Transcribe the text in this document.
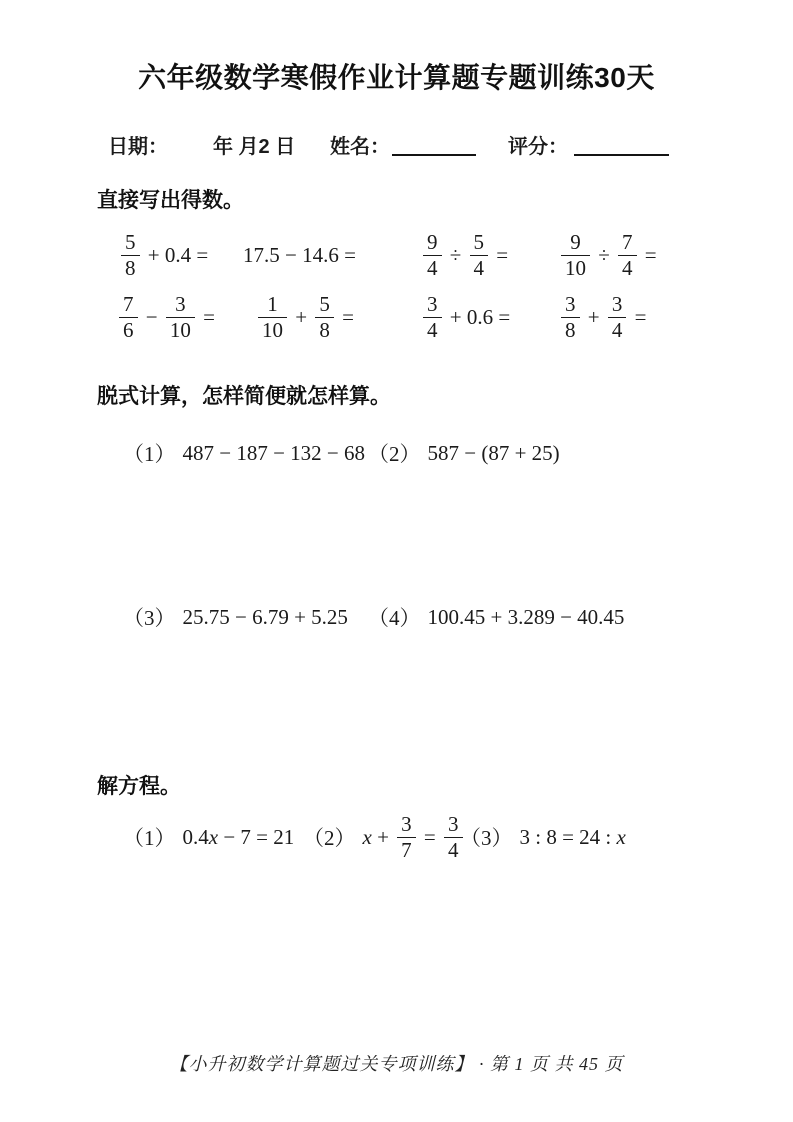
六年级数学寒假作业计算题专题训练30天
日期： 年 月2 日 姓名：	评分：
直接写出得数。
$\frac{5}{8} + 0.4 = 17.5 - 14.6$ =	$\frac{9}{4} \div \frac{5}{4}$ =	$\frac{9}{10} \div \frac{7}{4}$ =
$\frac{7}{6} - \frac{3}{10} = \frac{1}{10} + \frac{5}{8}$ =	$\frac{3}{4} + 0.6 = \frac{3}{8} + \frac{3}{4}$ =
脱式计算，怎样简便就怎样算。
（1） 487 − 187 − 132 − 68 （2） 587 − (87 + 25)
（3） 25.75 − 6.79 + 5.25 （4） 100.45 + 3.289 − 40.45
解方程。
（1） 0.4 x − 7 = 21 （2） $x + \frac{3}{7} = \frac{3}{4}$
（3） 3 : 8 = 24 : x
【小升初数学计算题过关专项训练】 · 第 1 页 共 45 页
